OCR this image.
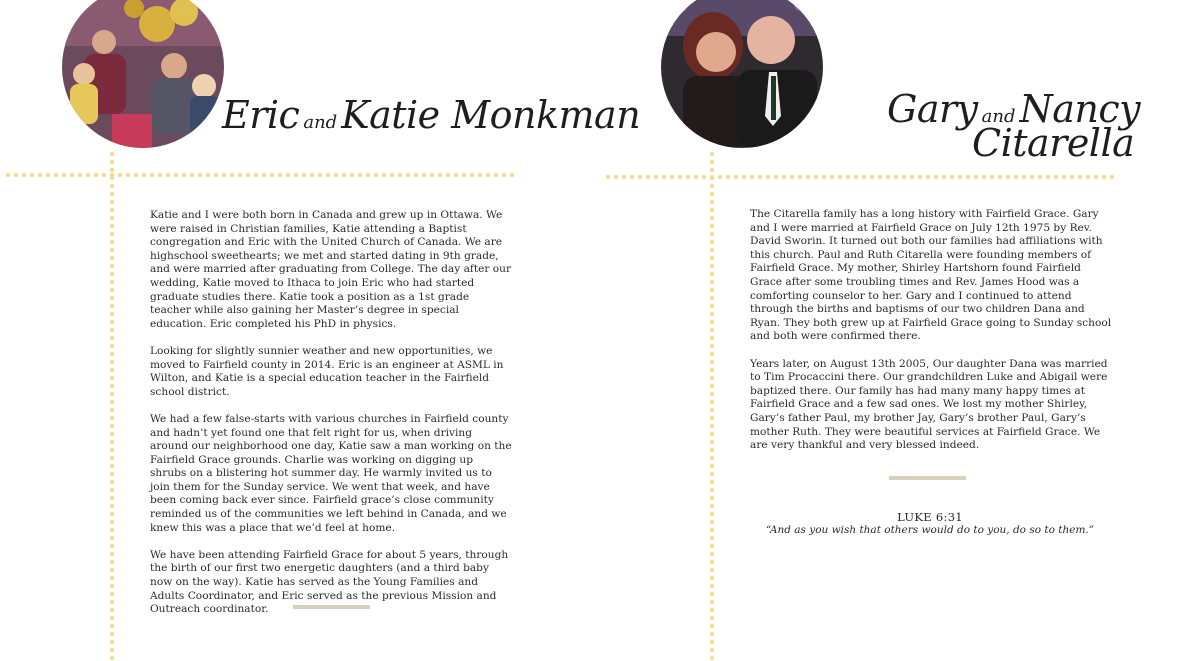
Eric and Katie Monkman

Katie and I were both born in Canada and grew up in Ottawa. We were raised in Christian families, Katie attending a Baptist congregation and Eric with the United Church of Canada. We are highschool sweethearts; we met and started dating in 9th grade, and were married after graduating from College. The day after our wedding, Katie moved to Ithaca to join Eric who had started graduate studies there. Katie took a position as a 1st grade teacher while also gaining her Master’s degree in special education. Eric completed his PhD in physics.

Looking for slightly sunnier weather and new opportunities, we moved to Fairfield county in 2014. Eric is an engineer at ASML in Wilton, and Katie is a special education teacher in the Fairfield school district.

We had a few false-starts with various churches in Fairfield county and hadn’t yet found one that felt right for us, when driving around our neighborhood one day, Katie saw a man working on the Fairfield Grace grounds. Charlie was working on digging up shrubs on a blistering hot summer day. He warmly invited us to join them for the Sunday service. We went that week, and have been coming back ever since. Fairfield grace’s close community reminded us of the communities we left behind in Canada, and we knew this was a place that we’d feel at home.

We have been attending Fairfield Grace for about 5 years, through the birth of our first two energetic daughters (and a third baby now on the way). Katie has served as the Young Families and Adults Coordinator, and Eric served as the previous Mission and Outreach coordinator.

Gary and Nancy
Citarella

The Citarella family has a long history with Fairfield Grace. Gary and I were married at Fairfield Grace on July 12th 1975 by Rev. David Sworin. It turned out both our families had affiliations with this church. Paul and Ruth Citarella were founding members of Fairfield Grace. My mother, Shirley Hartshorn found Fairfield Grace after some troubling times and Rev. James Hood was a comforting counselor to her. Gary and I continued to attend through the births and baptisms of our two children Dana and Ryan. They both grew up at Fairfield Grace going to Sunday school and both were confirmed there.

Years later, on August 13th 2005, Our daughter Dana was married to Tim Procaccini there. Our grandchildren Luke and Abigail were baptized there. Our family has had many many happy times at Fairfield Grace and a few sad ones. We lost my mother Shirley, Gary’s father Paul, my brother Jay, Gary’s brother Paul, Gary’s mother Ruth. They were beautiful services at Fairfield Grace. We are very thankful and very blessed indeed.

LUKE 6:31
“And as you wish that others would do to you, do so to them.”
